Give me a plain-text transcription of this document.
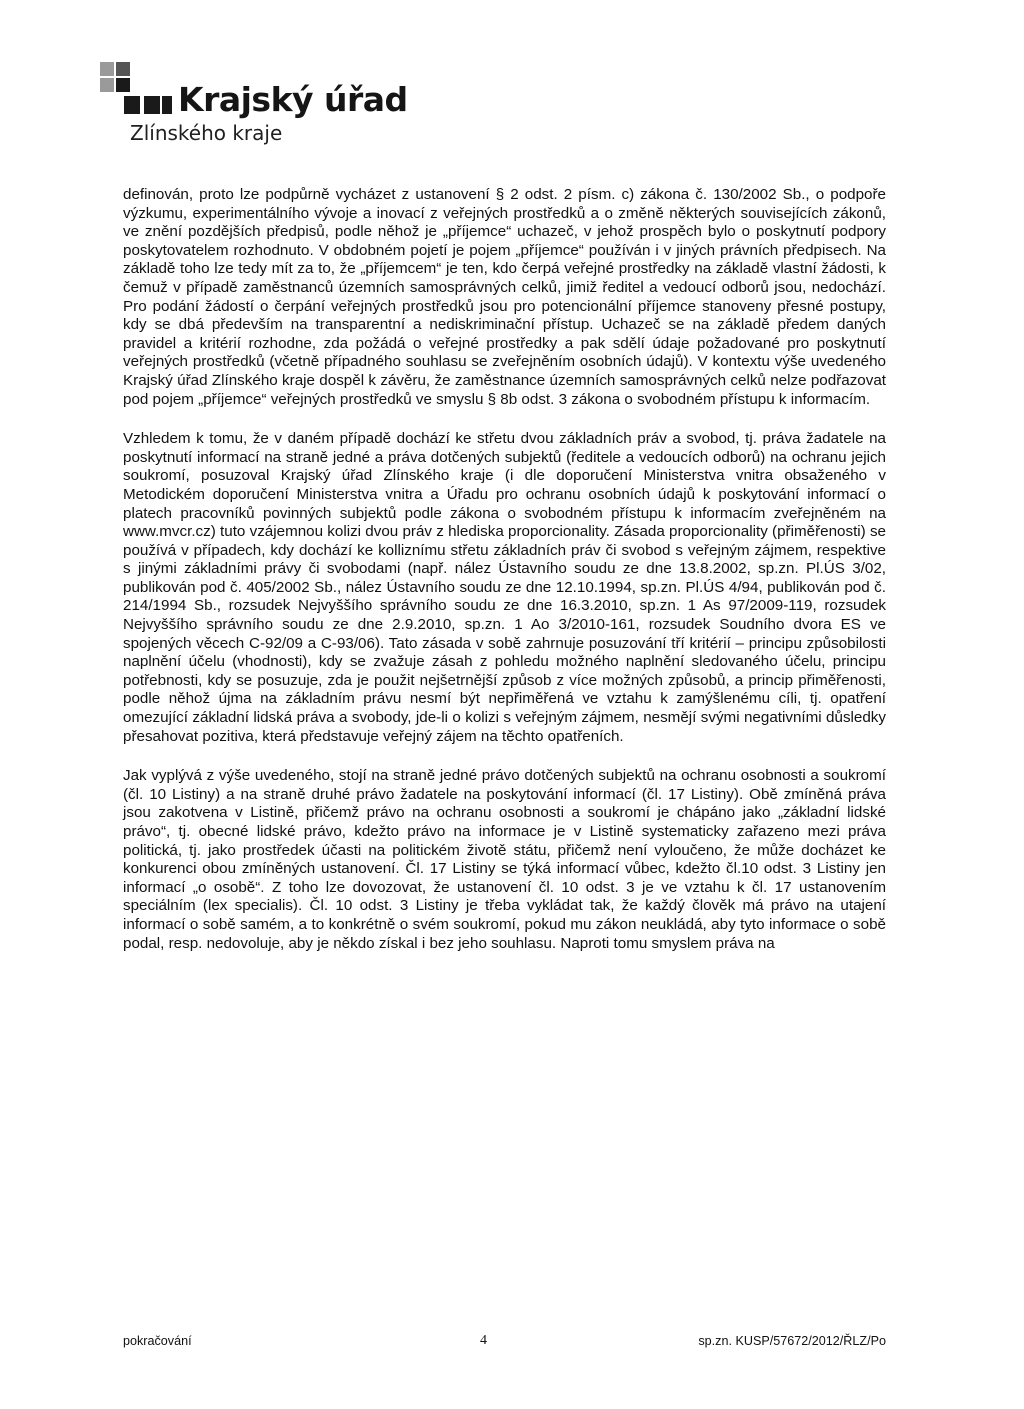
Krajský úřad
Zlínského kraje

definován, proto lze podpůrně vycházet z ustanovení § 2 odst. 2 písm. c) zákona č. 130/2002 Sb., o podpoře výzkumu, experimentálního vývoje a inovací z veřejných prostředků a o změně některých souvisejících zákonů, ve znění pozdějších předpisů, podle něhož je „příjemce“ uchazeč, v jehož prospěch bylo o poskytnutí podpory poskytovatelem rozhodnuto. V obdobném pojetí je pojem „příjemce“ používán i v jiných právních předpisech. Na základě toho lze tedy mít za to, že „příjemcem“ je ten, kdo čerpá veřejné prostředky na základě vlastní žádosti, k čemuž v případě zaměstnanců územních samosprávných celků, jimiž ředitel a vedoucí odborů jsou, nedochází. Pro podání žádostí o čerpání veřejných prostředků jsou pro potencionální příjemce stanoveny přesné postupy, kdy se dbá především na transparentní a nediskriminační přístup. Uchazeč se na základě předem daných pravidel a kritérií rozhodne, zda požádá o veřejné prostředky a pak sdělí údaje požadované pro poskytnutí veřejných prostředků (včetně případného souhlasu se zveřejněním osobních údajů). V kontextu výše uvedeného Krajský úřad Zlínského kraje dospěl k závěru, že zaměstnance územních samosprávných celků nelze podřazovat pod pojem „příjemce“ veřejných prostředků ve smyslu § 8b odst. 3 zákona o svobodném přístupu k informacím.

Vzhledem k tomu, že v daném případě dochází ke střetu dvou základních práv a svobod, tj. práva žadatele na poskytnutí informací na straně jedné a práva dotčených subjektů (ředitele a vedoucích odborů) na ochranu jejich soukromí, posuzoval Krajský úřad Zlínského kraje (i dle doporučení Ministerstva vnitra obsaženého v Metodickém doporučení Ministerstva vnitra a Úřadu pro ochranu osobních údajů k poskytování informací o platech pracovníků povinných subjektů podle zákona o svobodném přístupu k informacím zveřejněném na www.mvcr.cz) tuto vzájemnou kolizi dvou práv z hlediska proporcionality. Zásada proporcionality (přiměřenosti) se používá v případech, kdy dochází ke kolliznímu střetu základních práv či svobod s veřejným zájmem, respektive s jinými základními právy či svobodami (např. nález Ústavního soudu ze dne 13.8.2002, sp.zn. Pl.ÚS 3/02, publikován pod č. 405/2002 Sb., nález Ústavního soudu ze dne 12.10.1994, sp.zn. Pl.ÚS 4/94, publikován pod č. 214/1994 Sb., rozsudek Nejvyššího správního soudu ze dne 16.3.2010, sp.zn. 1 As 97/2009-119, rozsudek Nejvyššího správního soudu ze dne 2.9.2010, sp.zn. 1 Ao 3/2010-161, rozsudek Soudního dvora ES ve spojených věcech C-92/09 a C-93/06). Tato zásada v sobě zahrnuje posuzování tří kritérií – principu způsobilosti naplnění účelu (vhodnosti), kdy se zvažuje zásah z pohledu možného naplnění sledovaného účelu, principu potřebnosti, kdy se posuzuje, zda je použit nejšetrnější způsob z více možných způsobů, a princip přiměřenosti, podle něhož újma na základním právu nesmí být nepřiměřená ve vztahu k zamýšlenému cíli, tj. opatření omezující základní lidská práva a svobody, jde-li o kolizi s veřejným zájmem, nesmějí svými negativními důsledky přesahovat pozitiva, která představuje veřejný zájem na těchto opatřeních.

Jak vyplývá z výše uvedeného, stojí na straně jedné právo dotčených subjektů na ochranu osobnosti a soukromí (čl. 10 Listiny) a na straně druhé právo žadatele na poskytování informací (čl. 17 Listiny). Obě zmíněná práva jsou zakotvena v Listině, přičemž právo na ochranu osobnosti a soukromí je chápáno jako „základní lidské právo“, tj. obecné lidské právo, kdežto právo na informace je v Listině systematicky zařazeno mezi práva politická, tj. jako prostředek účasti na politickém životě státu, přičemž není vyloučeno, že může docházet ke konkurenci obou zmíněných ustanovení. Čl. 17 Listiny se týká informací vůbec, kdežto čl.10 odst. 3 Listiny jen informací „o osobě“. Z toho lze dovozovat, že ustanovení čl. 10 odst. 3 je ve vztahu k čl. 17 ustanovením speciálním (lex specialis). Čl. 10 odst. 3 Listiny je třeba vykládat tak, že každý člověk má právo na utajení informací o sobě samém, a to konkrétně o svém soukromí, pokud mu zákon neukládá, aby tyto informace o sobě podal, resp. nedovoluje, aby je někdo získal i bez jeho souhlasu. Naproti tomu smyslem práva na

pokračování	4	sp.zn. KUSP/57672/2012/ŘLZ/Po
